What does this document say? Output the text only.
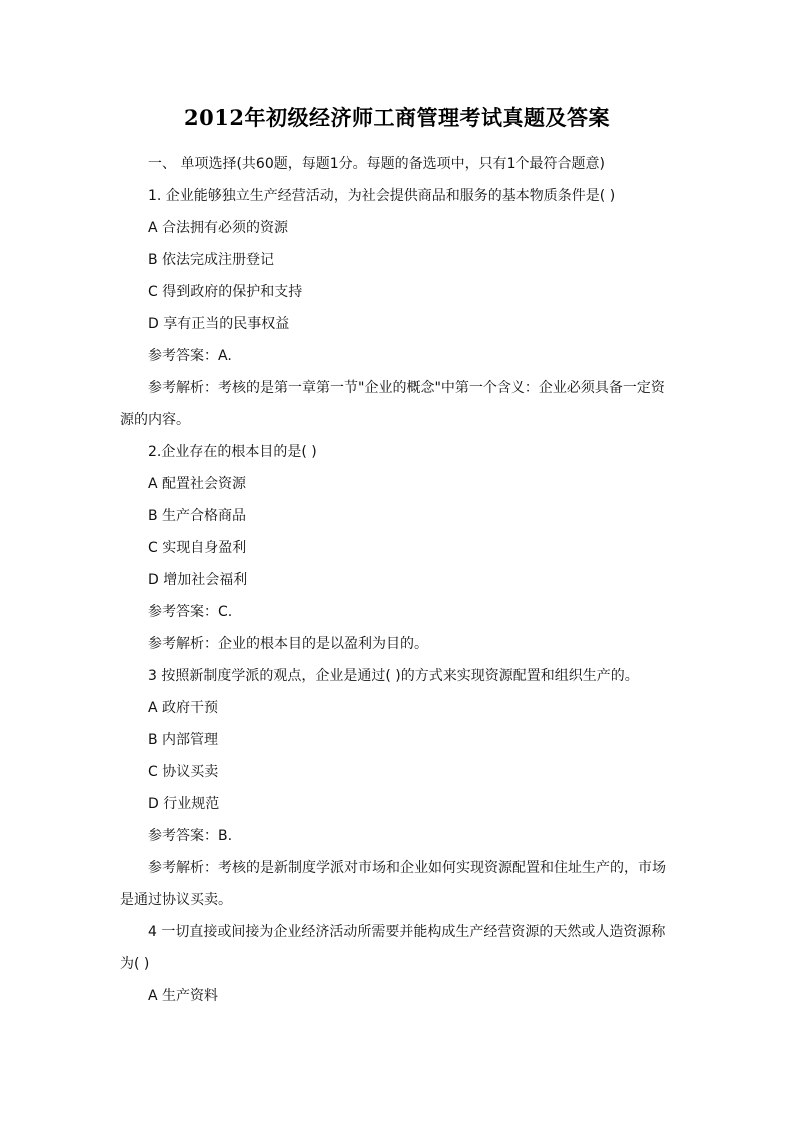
2012年初级经济师工商管理考试真题及答案

一、 单项选择(共60题，每题1分。每题的备选项中，只有1个最符合题意)

1. 企业能够独立生产经营活动，为社会提供商品和服务的基本物质条件是( )

A 合法拥有必须的资源

B 依法完成注册登记

C 得到政府的保护和支持

D 享有正当的民事权益

参考答案：A.

参考解析：考核的是第一章第一节"企业的概念"中第一个含义：企业必须具备一定资

源的内容。

2.企业存在的根本目的是( )

A 配置社会资源

B 生产合格商品

C 实现自身盈利

D 增加社会福利

参考答案：C.

参考解析：企业的根本目的是以盈利为目的。

3 按照新制度学派的观点，企业是通过( )的方式来实现资源配置和组织生产的。

A 政府干预

B 内部管理

C 协议买卖

D 行业规范

参考答案：B.

参考解析：考核的是新制度学派对市场和企业如何实现资源配置和住址生产的，市场

是通过协议买卖。

4 一切直接或间接为企业经济活动所需要并能构成生产经营资源的天然或人造资源称

为( )

A 生产资料
